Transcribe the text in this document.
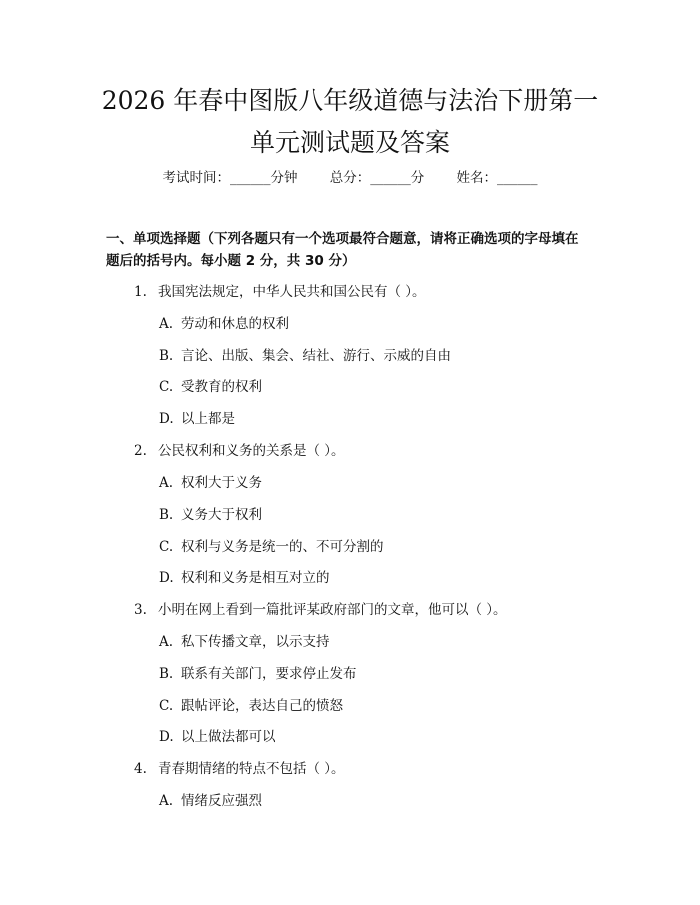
2026 年春中图版八年级道德与法治下册第一
单元测试题及答案
考试时间：______分钟 总分：______分 姓名：______
一、单项选择题（下列各题只有一个选项最符合题意，请将正确选项的字母填在
题后的括号内。每小题 2 分，共 30 分）
1. 我国宪法规定，中华人民共和国公民有（ ）。
A. 劳动和休息的权利
B. 言论、出版、集会、结社、游行、示威的自由
C. 受教育的权利
D. 以上都是
2. 公民权利和义务的关系是（ ）。
A. 权利大于义务
B. 义务大于权利
C. 权利与义务是统一的、不可分割的
D. 权利和义务是相互对立的
3. 小明在网上看到一篇批评某政府部门的文章，他可以（ ）。
A. 私下传播文章，以示支持
B. 联系有关部门，要求停止发布
C. 跟帖评论，表达自己的愤怒
D. 以上做法都可以
4. 青春期情绪的特点不包括（ ）。
A. 情绪反应强烈
